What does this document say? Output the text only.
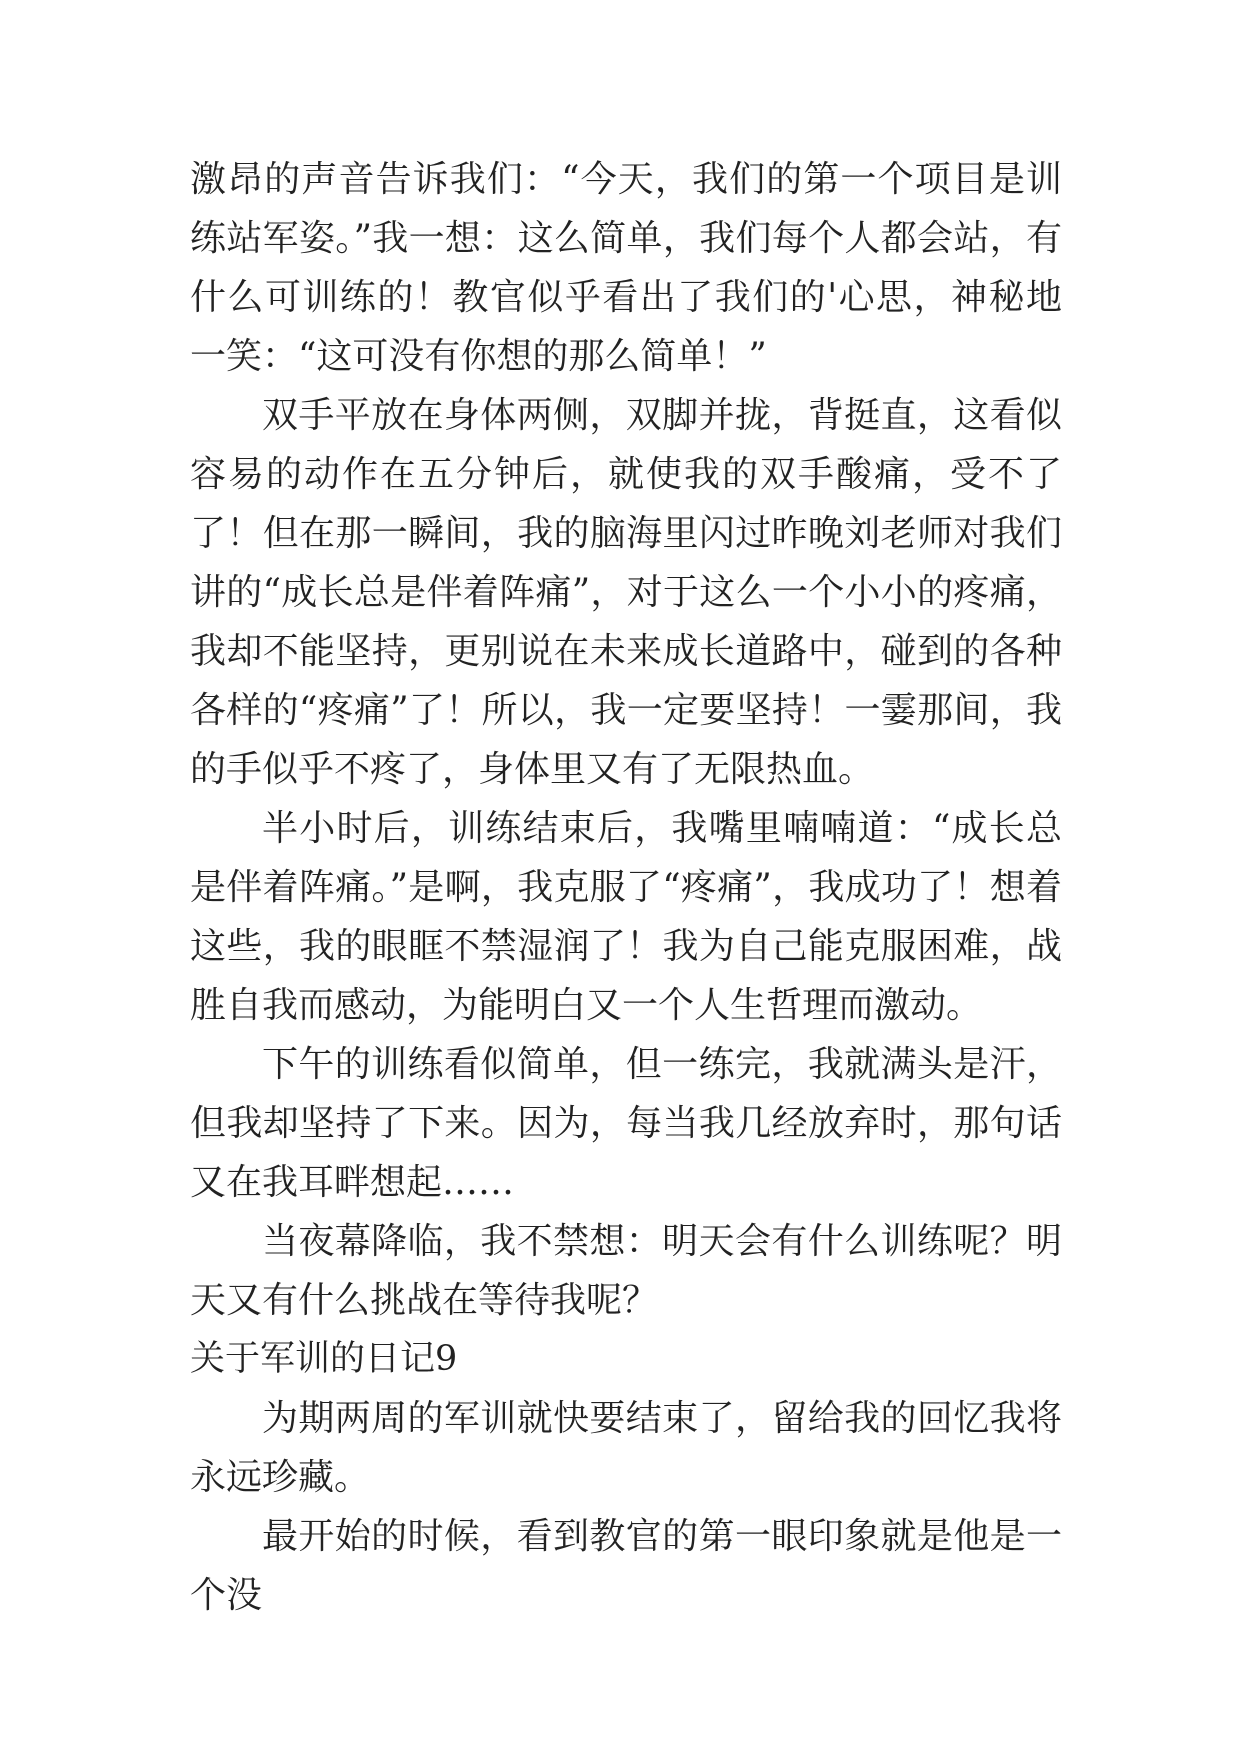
激昂的声音告诉我们：“今天，我们的第一个项目是训练站军姿。”我一想：这么简单，我们每个人都会站，有什么可训练的！教官似乎看出了我们的'心思，神秘地一笑：“这可没有你想的那么简单！”

双手平放在身体两侧，双脚并拢，背挺直，这看似容易的动作在五分钟后，就使我的双手酸痛，受不了了！但在那一瞬间，我的脑海里闪过昨晚刘老师对我们讲的“成长总是伴着阵痛”，对于这么一个小小的疼痛，我却不能坚持，更别说在未来成长道路中，碰到的各种各样的“疼痛”了！所以，我一定要坚持！一霎那间，我的手似乎不疼了，身体里又有了无限热血。

半小时后，训练结束后，我嘴里喃喃道：“成长总是伴着阵痛。”是啊，我克服了“疼痛”，我成功了！想着这些，我的眼眶不禁湿润了！我为自己能克服困难，战胜自我而感动，为能明白又一个人生哲理而激动。

下午的训练看似简单，但一练完，我就满头是汗，但我却坚持了下来。因为，每当我几经放弃时，那句话又在我耳畔想起……

当夜幕降临，我不禁想：明天会有什么训练呢？明天又有什么挑战在等待我呢？

关于军训的日记9

为期两周的军训就快要结束了，留给我的回忆我将永远珍藏。

最开始的时候，看到教官的第一眼印象就是他是一个没
